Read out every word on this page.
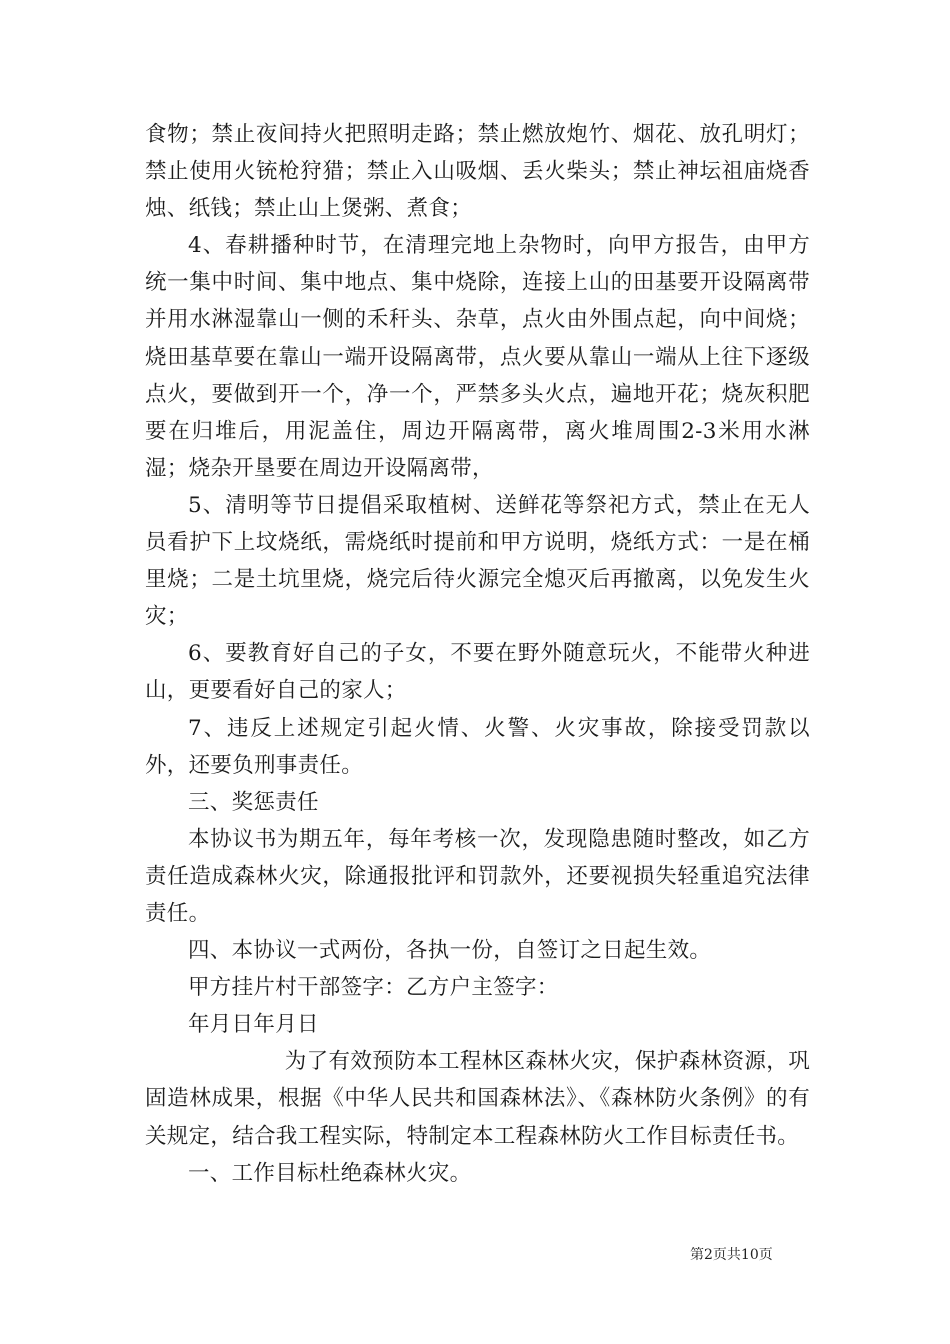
食物；禁止夜间持火把照明走路；禁止燃放炮竹、烟花、放孔明灯；禁止使用火铳枪狩猎；禁止入山吸烟、丢火柴头；禁止神坛祖庙烧香烛、纸钱；禁止山上煲粥、煮食；

4、春耕播种时节，在清理完地上杂物时，向甲方报告，由甲方统一集中时间、集中地点、集中烧除，连接上山的田基要开设隔离带并用水淋湿靠山一侧的禾秆头、杂草，点火由外围点起，向中间烧；烧田基草要在靠山一端开设隔离带，点火要从靠山一端从上往下逐级点火，要做到开一个，净一个，严禁多头火点，遍地开花；烧灰积肥要在归堆后，用泥盖住，周边开隔离带，离火堆周围2-3米用水淋湿；烧杂开垦要在周边开设隔离带，

5、清明等节日提倡采取植树、送鲜花等祭祀方式，禁止在无人员看护下上坟烧纸，需烧纸时提前和甲方说明，烧纸方式：一是在桶里烧；二是土坑里烧，烧完后待火源完全熄灭后再撤离，以免发生火灾；

6、要教育好自己的子女，不要在野外随意玩火，不能带火种进山，更要看好自己的家人；

7、违反上述规定引起火情、火警、火灾事故，除接受罚款以外，还要负刑事责任。

三、奖惩责任

本协议书为期五年，每年考核一次，发现隐患随时整改，如乙方责任造成森林火灾，除通报批评和罚款外，还要视损失轻重追究法律责任。

四、本协议一式两份，各执一份，自签订之日起生效。

甲方挂片村干部签字：乙方户主签字：

年月日年月日

为了有效预防本工程林区森林火灾，保护森林资源，巩固造林成果，根据《中华人民共和国森林法》、《森林防火条例》的有关规定，结合我工程实际，特制定本工程森林防火工作目标责任书。

一、工作目标杜绝森林火灾。

第2页共10页
